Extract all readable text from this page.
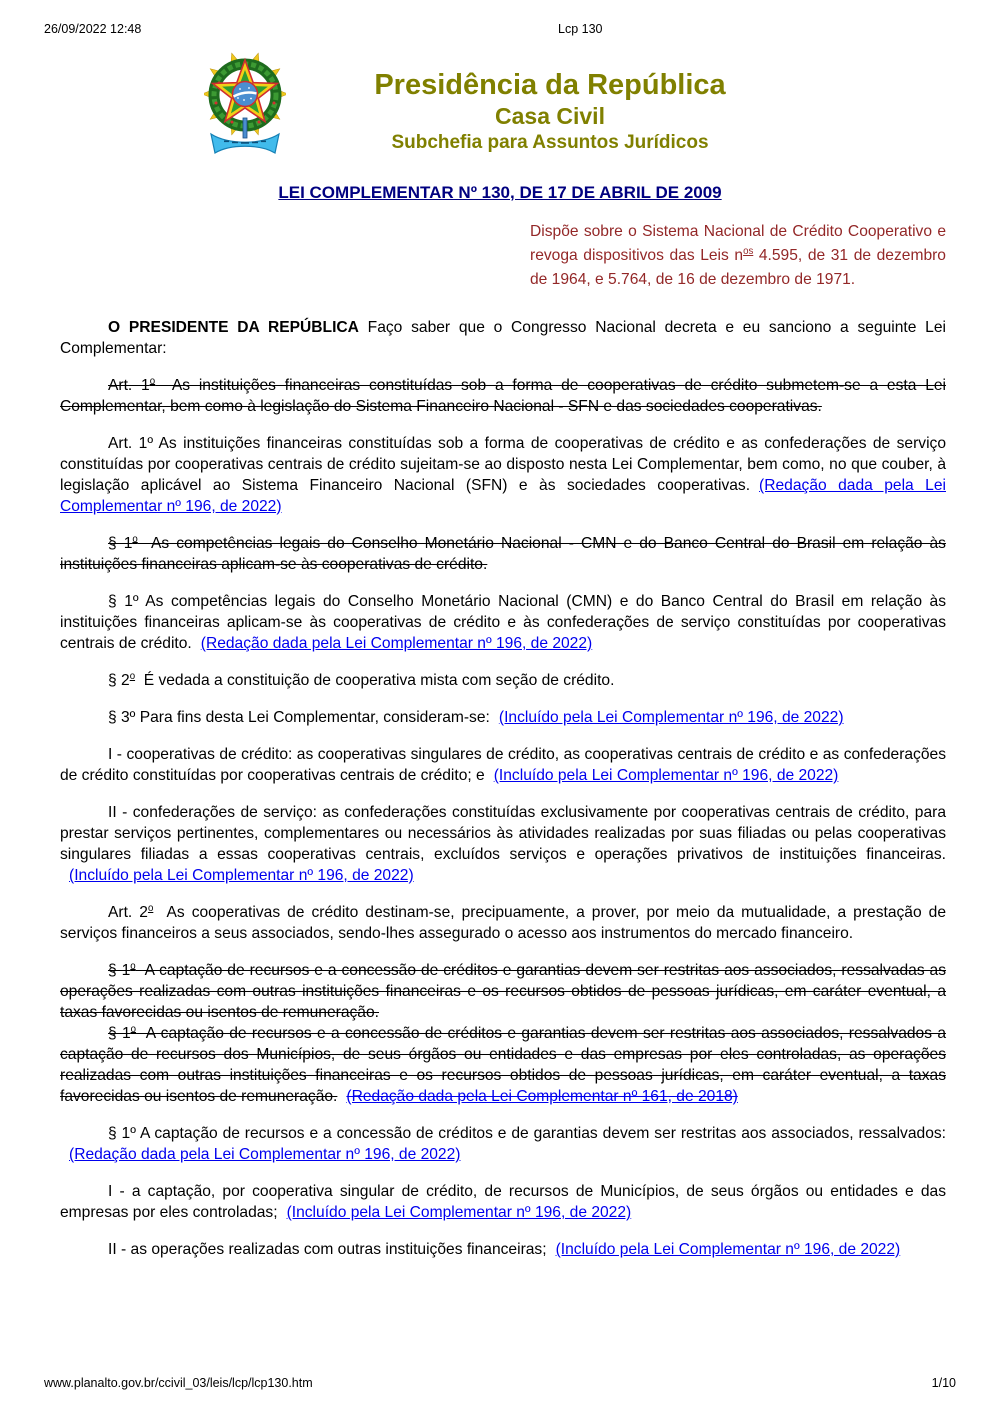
26/09/2022 12:48	Lcp 130
Presidência da República
Casa Civil
Subchefia para Assuntos Jurídicos
LEI COMPLEMENTAR Nº 130, DE 17 DE ABRIL DE 2009
Dispõe sobre o Sistema Nacional de Crédito Cooperativo e revoga dispositivos das Leis $n^{os}$ 4.595, de 31 de dezembro de 1964, e 5.764, de 16 de dezembro de 1971.

O PRESIDENTE DA REPÚBLICA Faço saber que o Congresso Nacional decreta e eu sanciono a seguinte Lei Complementar:

Art. 1$^o$  As instituições financeiras constituídas sob a forma de cooperativas de crédito submetem-se a esta Lei Complementar, bem como à legislação do Sistema Financeiro Nacional - SFN e das sociedades cooperativas.

Art. 1º As instituições financeiras constituídas sob a forma de cooperativas de crédito e as confederações de serviço constituídas por cooperativas centrais de crédito sujeitam-se ao disposto nesta Lei Complementar, bem como, no que couber, à legislação aplicável ao Sistema Financeiro Nacional (SFN) e às sociedades cooperativas. (Redação dada pela Lei Complementar nº 196, de 2022)

§ 1$^o$  As competências legais do Conselho Monetário Nacional - CMN e do Banco Central do Brasil em relação às instituições financeiras aplicam-se às cooperativas de crédito.

§ 1º As competências legais do Conselho Monetário Nacional (CMN) e do Banco Central do Brasil em relação às instituições financeiras aplicam-se às cooperativas de crédito e às confederações de serviço constituídas por cooperativas centrais de crédito. (Redação dada pela Lei Complementar nº 196, de 2022)

§ 2$^o$  É vedada a constituição de cooperativa mista com seção de crédito.

§ 3º Para fins desta Lei Complementar, consideram-se: (Incluído pela Lei Complementar nº 196, de 2022)

I - cooperativas de crédito: as cooperativas singulares de crédito, as cooperativas centrais de crédito e as confederações de crédito constituídas por cooperativas centrais de crédito; e (Incluído pela Lei Complementar nº 196, de 2022)

II - confederações de serviço: as confederações constituídas exclusivamente por cooperativas centrais de crédito, para prestar serviços pertinentes, complementares ou necessários às atividades realizadas por suas filiadas ou pelas cooperativas singulares filiadas a essas cooperativas centrais, excluídos serviços e operações privativos de instituições financeiras.(Incluído pela Lei Complementar nº 196, de 2022)

Art. 2$^o$  As cooperativas de crédito destinam-se, precipuamente, a prover, por meio da mutualidade, a prestação de serviços financeiros a seus associados, sendo-lhes assegurado o acesso aos instrumentos do mercado financeiro.

§ 1$^o$  A captação de recursos e a concessão de créditos e garantias devem ser restritas aos associados, ressalvadas as operações realizadas com outras instituições financeiras e os recursos obtidos de pessoas jurídicas, em caráter eventual, a taxas favorecidas ou isentos de remuneração.

§ 1$^o$  A captação de recursos e a concessão de créditos e garantias devem ser restritas aos associados, ressalvados a captação de recursos dos Municípios, de seus órgãos ou entidades e das empresas por eles controladas, as operações realizadas com outras instituições financeiras e os recursos obtidos de pessoas jurídicas, em caráter eventual, a taxas favorecidas ou isentos de remuneração. (Redação dada pela Lei Complementar nº 161, de 2018)

§ 1º A captação de recursos e a concessão de créditos e de garantias devem ser restritas aos associados, ressalvados:(Redação dada pela Lei Complementar nº 196, de 2022)

I - a captação, por cooperativa singular de crédito, de recursos de Municípios, de seus órgãos ou entidades e das empresas por eles controladas; (Incluído pela Lei Complementar nº 196, de 2022)

II - as operações realizadas com outras instituições financeiras; (Incluído pela Lei Complementar nº 196, de 2022)

www.planalto.gov.br/ccivil_03/leis/lcp/lcp130.htm	1/10
